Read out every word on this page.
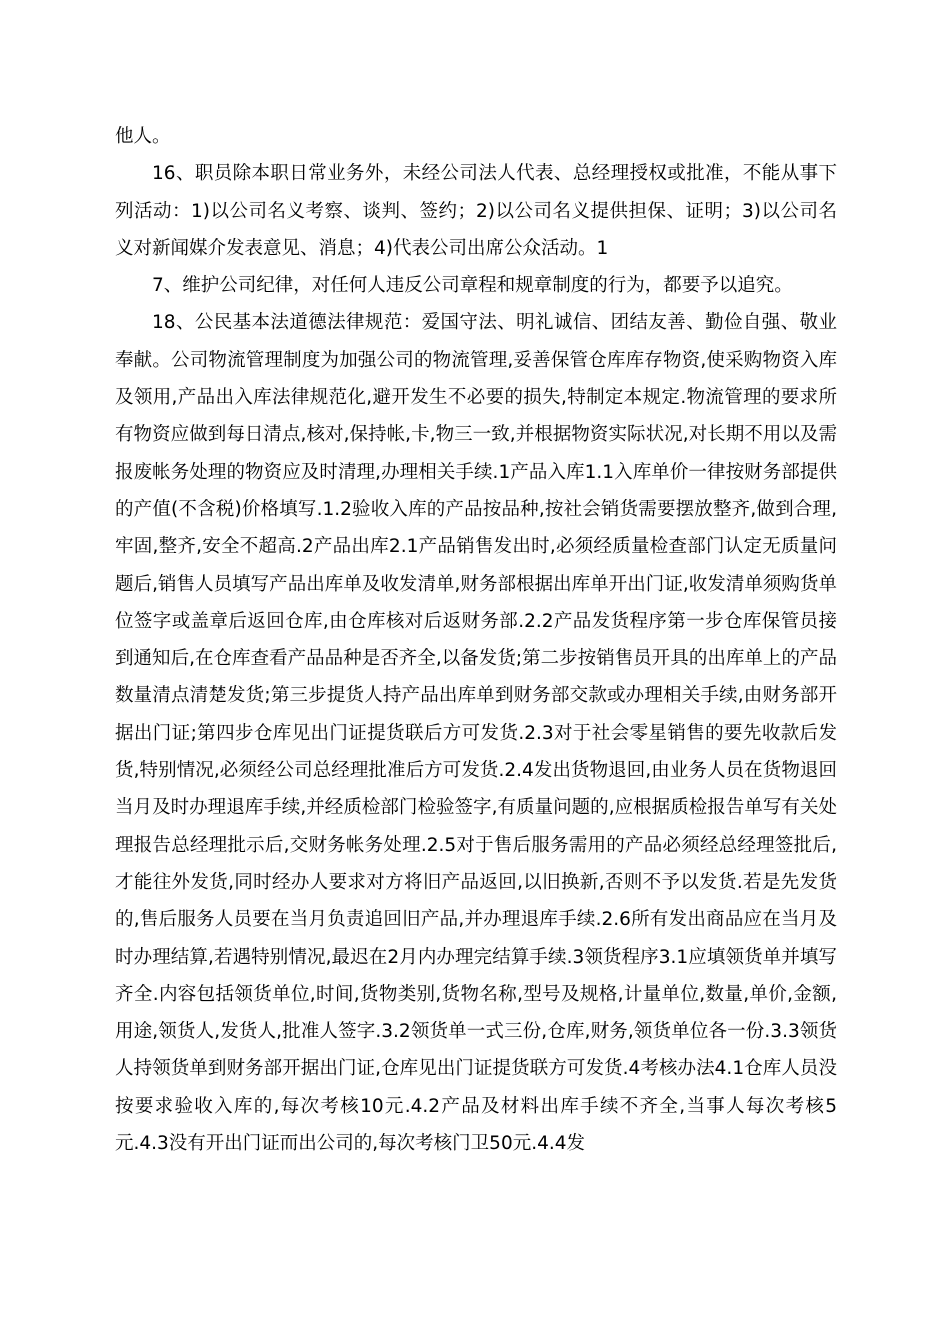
他人。

16、职员除本职日常业务外，未经公司法人代表、总经理授权或批准，不能从事下列活动：1)以公司名义考察、谈判、签约；2)以公司名义提供担保、证明；3)以公司名义对新闻媒介发表意见、消息；4)代表公司出席公众活动。1

7、维护公司纪律，对任何人违反公司章程和规章制度的行为，都要予以追究。

18、公民基本法道德法律规范：爱国守法、明礼诚信、团结友善、勤俭自强、敬业奉献。公司物流管理制度为加强公司的物流管理,妥善保管仓库库存物资,使采购物资入库及领用,产品出入库法律规范化,避开发生不必要的损失,特制定本规定.物流管理的要求所有物资应做到每日清点,核对,保持帐,卡,物三一致,并根据物资实际状况,对长期不用以及需报废帐务处理的物资应及时清理,办理相关手续.1产品入库1.1入库单价一律按财务部提供的产值(不含税)价格填写.1.2验收入库的产品按品种,按社会销货需要摆放整齐,做到合理,牢固,整齐,安全不超高.2产品出库2.1产品销售发出时,必须经质量检查部门认定无质量问题后,销售人员填写产品出库单及收发清单,财务部根据出库单开出门证,收发清单须购货单位签字或盖章后返回仓库,由仓库核对后返财务部.2.2产品发货程序第一步仓库保管员接到通知后,在仓库查看产品品种是否齐全,以备发货;第二步按销售员开具的出库单上的产品数量清点清楚发货;第三步提货人持产品出库单到财务部交款或办理相关手续,由财务部开据出门证;第四步仓库见出门证提货联后方可发货.2.3对于社会零星销售的要先收款后发货,特别情况,必须经公司总经理批准后方可发货.2.4发出货物退回,由业务人员在货物退回当月及时办理退库手续,并经质检部门检验签字,有质量问题的,应根据质检报告单写有关处理报告总经理批示后,交财务帐务处理.2.5对于售后服务需用的产品必须经总经理签批后,才能往外发货,同时经办人要求对方将旧产品返回,以旧换新,否则不予以发货.若是先发货的,售后服务人员要在当月负责追回旧产品,并办理退库手续.2.6所有发出商品应在当月及时办理结算,若遇特别情况,最迟在2月内办理完结算手续.3领货程序3.1应填领货单并填写齐全.内容包括领货单位,时间,货物类别,货物名称,型号及规格,计量单位,数量,单价,金额,用途,领货人,发货人,批准人签字.3.2领货单一式三份,仓库,财务,领货单位各一份.3.3领货人持领货单到财务部开据出门证,仓库见出门证提货联方可发货.4考核办法4.1仓库人员没按要求验收入库的,每次考核10元.4.2产品及材料出库手续不齐全,当事人每次考核5元.4.3没有开出门证而出公司的,每次考核门卫50元.4.4发
